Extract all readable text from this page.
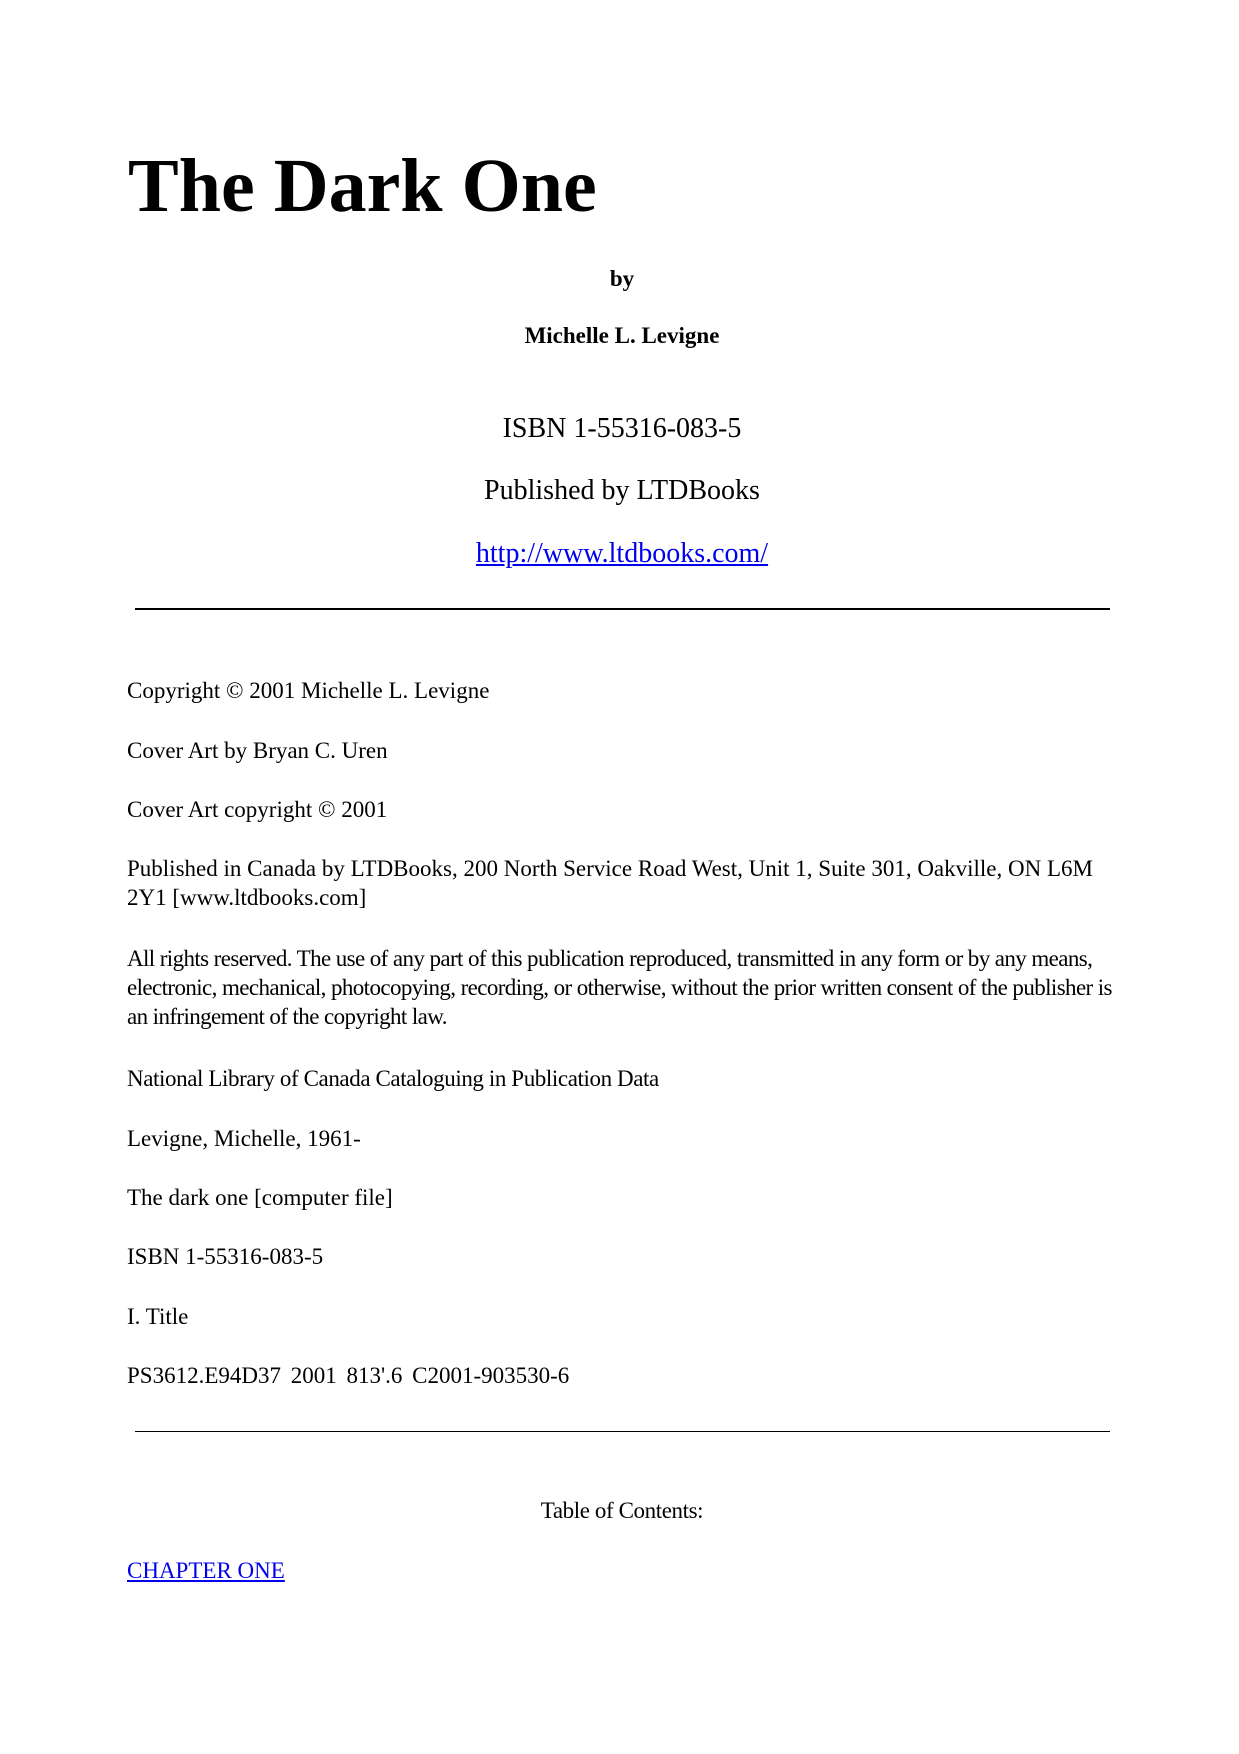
The Dark One
by
Michelle L. Levigne
ISBN 1-55316-083-5
Published by LTDBooks
http://www.ltdbooks.com/
Copyright © 2001 Michelle L. Levigne
Cover Art by Bryan C. Uren
Cover Art copyright © 2001
Published in Canada by LTDBooks, 200 North Service Road West, Unit 1, Suite 301, Oakville, ON L6M 2Y1 [www.ltdbooks.com]
All rights reserved. The use of any part of this publication reproduced, transmitted in any form or by any means, electronic, mechanical, photocopying, recording, or otherwise, without the prior written consent of the publisher is an infringement of the copyright law.
National Library of Canada Cataloguing in Publication Data
Levigne, Michelle, 1961-
The dark one [computer file]
ISBN 1-55316-083-5
I. Title
PS3612.E94D37 2001 813'.6 C2001-903530-6
Table of Contents:
CHAPTER ONE
